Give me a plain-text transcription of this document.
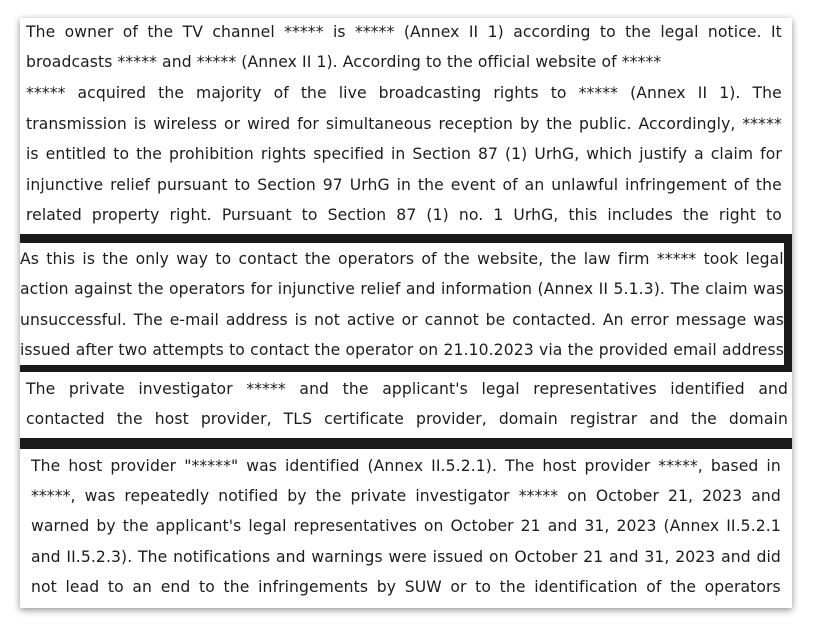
The owner of the TV channel ***** is ***** (Annex II 1) according to the legal notice. It
broadcasts ***** and ***** (Annex II 1). According to the official website of *****
***** acquired the majority of the live broadcasting rights to ***** (Annex II 1). The
transmission is wireless or wired for simultaneous reception by the public. Accordingly, *****
is entitled to the prohibition rights specified in Section 87 (1) UrhG, which justify a claim for
injunctive relief pursuant to Section 97 UrhG in the event of an unlawful infringement of the
related property right. Pursuant to Section 87 (1) no. 1 UrhG, this includes the right to
As this is the only way to contact the operators of the website, the law firm ***** took legal
action against the operators for injunctive relief and information (Annex II 5.1.3). The claim was
unsuccessful. The e-mail address is not active or cannot be contacted. An error message was
issued after two attempts to contact the operator on 21.10.2023 via the provided email address
The private investigator ***** and the applicant's legal representatives identified and
contacted the host provider, TLS certificate provider, domain registrar and the domain
The host provider "*****" was identified (Annex II.5.2.1). The host provider *****, based in
*****, was repeatedly notified by the private investigator ***** on October 21, 2023 and
warned by the applicant's legal representatives on October 21 and 31, 2023 (Annex II.5.2.1
and II.5.2.3). The notifications and warnings were issued on October 21 and 31, 2023 and did
not lead to an end to the infringements by SUW or to the identification of the operators
